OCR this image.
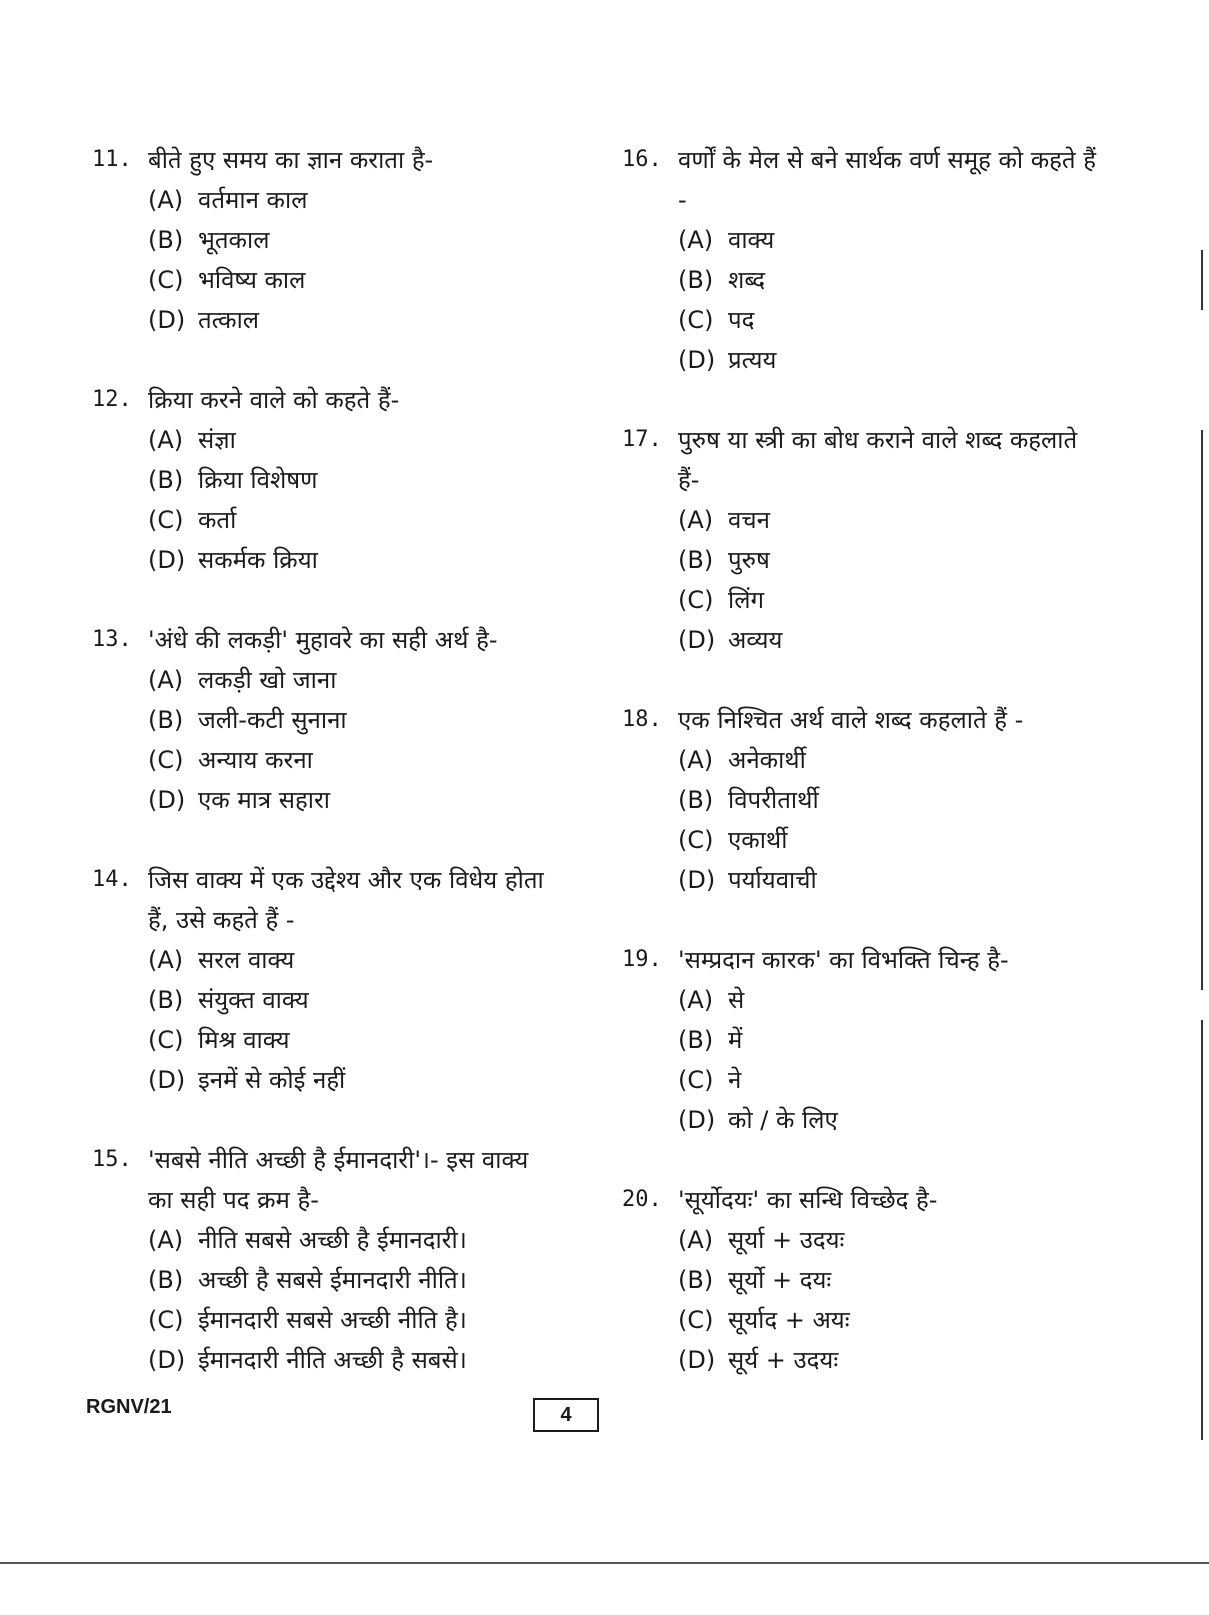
11. बीते हुए समय का ज्ञान कराता है-
(A) वर्तमान काल
(B) भूतकाल
(C) भविष्य काल
(D) तत्काल
12. क्रिया करने वाले को कहते हैं-
(A) संज्ञा
(B) क्रिया विशेषण
(C) कर्ता
(D) सकर्मक क्रिया
13. 'अंधे की लकड़ी' मुहावरे का सही अर्थ है-
(A) लकड़ी खो जाना
(B) जली-कटी सुनाना
(C) अन्याय करना
(D) एक मात्र सहारा
14. जिस वाक्य में एक उद्देश्य और एक विधेय होता हैं, उसे कहते हैं -
(A) सरल वाक्य
(B) संयुक्त वाक्य
(C) मिश्र वाक्य
(D) इनमें से कोई नहीं
15. 'सबसे नीति अच्छी है ईमानदारी'।- इस वाक्य का सही पद क्रम है-
(A) नीति सबसे अच्छी है ईमानदारी।
(B) अच्छी है सबसे ईमानदारी नीति।
(C) ईमानदारी सबसे अच्छी नीति है।
(D) ईमानदारी नीति अच्छी है सबसे।
16. वर्णों के मेल से बने सार्थक वर्ण समूह को कहते हैं -
(A) वाक्य
(B) शब्द
(C) पद
(D) प्रत्यय
17. पुरुष या स्त्री का बोध कराने वाले शब्द कहलाते हैं-
(A) वचन
(B) पुरुष
(C) लिंग
(D) अव्यय
18. एक निश्चित अर्थ वाले शब्द कहलाते हैं -
(A) अनेकार्थी
(B) विपरीतार्थी
(C) एकार्थी
(D) पर्यायवाची
19. 'सम्प्रदान कारक' का विभक्ति चिन्ह है-
(A) से
(B) में
(C) ने
(D) को / के लिए
20. 'सूर्योदयः' का सन्धि विच्छेद है-
(A) सूर्या + उदयः
(B) सूर्यो + दयः
(C) सूर्याद + अयः
(D) सूर्य + उदयः
RGNV/21	4
